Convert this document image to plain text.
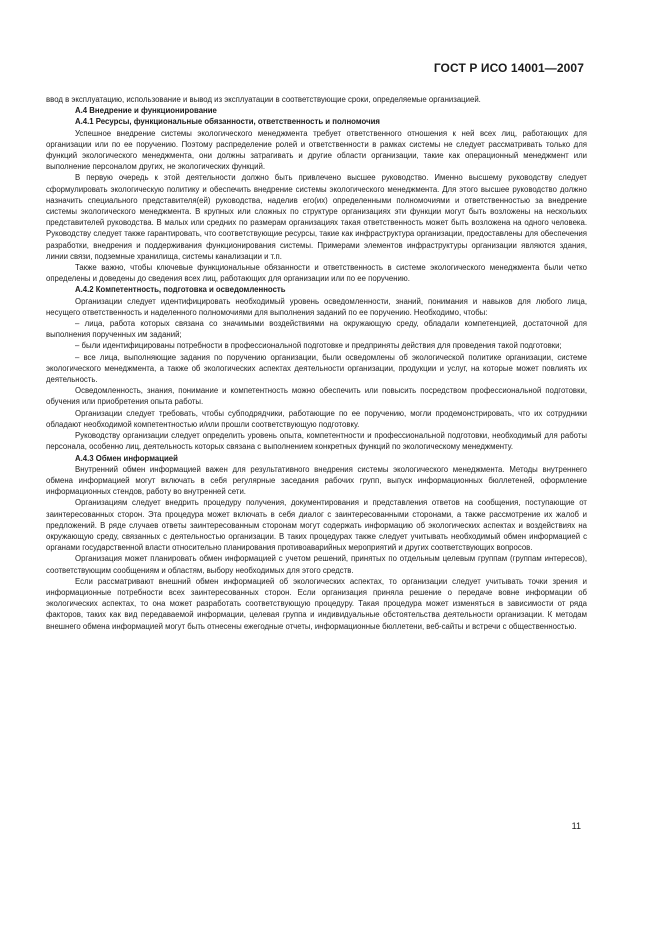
ГОСТ Р ИСО 14001—2007

ввод в эксплуатацию, использование и вывод из эксплуатации в соответствующие сроки, определяемые организацией.

А.4 Внедрение и функционирование

А.4.1 Ресурсы, функциональные обязанности, ответственность и полномочия

Успешное внедрение системы экологического менеджмента требует ответственного отношения к ней всех лиц, работающих для организации или по ее поручению. Поэтому распределение ролей и ответственности в рамках системы не следует рассматривать только для функций экологического менеджмента, они должны затрагивать и другие области организации, такие как операционный менеджмент или выполнение персоналом других, не экологических функций.

В первую очередь к этой деятельности должно быть привлечено высшее руководство. Именно высшему руководству следует сформулировать экологическую политику и обеспечить внедрение системы экологического менеджмента. Для этого высшее руководство должно назначить специального представителя(ей) руководства, наделив его(их) определенными полномочиями и ответственностью за внедрение системы экологического менеджмента. В крупных или сложных по структуре организациях эти функции могут быть возложены на нескольких представителей руководства. В малых или средних по размерам организациях такая ответственность может быть возложена на одного человека. Руководству следует также гарантировать, что соответствующие ресурсы, такие как инфраструктура организации, предоставлены для обеспечения разработки, внедрения и поддерживания функционирования системы. Примерами элементов инфраструктуры организации являются здания, линии связи, подземные хранилища, системы канализации и т.п.

Также важно, чтобы ключевые функциональные обязанности и ответственность в системе экологического менеджмента были четко определены и доведены до сведения всех лиц, работающих для организации или по ее поручению.

А.4.2 Компетентность, подготовка и осведомленность

Организации следует идентифицировать необходимый уровень осведомленности, знаний, понимания и навыков для любого лица, несущего ответственность и наделенного полномочиями для выполнения заданий по ее поручению. Необходимо, чтобы:

– лица, работа которых связана со значимыми воздействиями на окружающую среду, обладали компетенцией, достаточной для выполнения порученных им заданий;

– были идентифицированы потребности в профессиональной подготовке и предприняты действия для проведения такой подготовки;

– все лица, выполняющие задания по поручению организации, были осведомлены об экологической политике организации, системе экологического менеджмента, а также об экологических аспектах деятельности организации, продукции и услуг, на которые может повлиять их деятельность.

Осведомленность, знания, понимание и компетентность можно обеспечить или повысить посредством профессиональной подготовки, обучения или приобретения опыта работы.

Организации следует требовать, чтобы субподрядчики, работающие по ее поручению, могли продемонстрировать, что их сотрудники обладают необходимой компетентностью и/или прошли соответствующую подготовку.

Руководству организации следует определить уровень опыта, компетентности и профессиональной подготовки, необходимый для работы персонала, особенно лиц, деятельность которых связана с выполнением конкретных функций по экологическому менеджменту.

А.4.3 Обмен информацией

Внутренний обмен информацией важен для результативного внедрения системы экологического менеджмента. Методы внутреннего обмена информацией могут включать в себя регулярные заседания рабочих групп, выпуск информационных бюллетеней, оформление информационных стендов, работу во внутренней сети.

Организациям следует внедрить процедуру получения, документирования и представления ответов на сообщения, поступающие от заинтересованных сторон. Эта процедура может включать в себя диалог с заинтересованными сторонами, а также рассмотрение их жалоб и предложений. В ряде случаев ответы заинтересованным сторонам могут содержать информацию об экологических аспектах и воздействиях на окружающую среду, связанных с деятельностью организации. В таких процедурах также следует учитывать необходимый обмен информацией с органами государственной власти относительно планирования противоаварийных мероприятий и других соответствующих вопросов.

Организация может планировать обмен информацией с учетом решений, принятых по отдельным целевым группам (группам интересов), соответствующим сообщениям и областям, выбору необходимых для этого средств.

Если рассматривают внешний обмен информацией об экологических аспектах, то организации следует учитывать точки зрения и информационные потребности всех заинтересованных сторон. Если организация приняла решение о передаче вовне информации об экологических аспектах, то она может разработать соответствующую процедуру. Такая процедура может изменяться в зависимости от ряда факторов, таких как вид передаваемой информации, целевая группа и индивидуальные обстоятельства деятельности организации. К методам внешнего обмена информацией могут быть отнесены ежегодные отчеты, информационные бюллетени, веб-сайты и встречи с общественностью.

11
